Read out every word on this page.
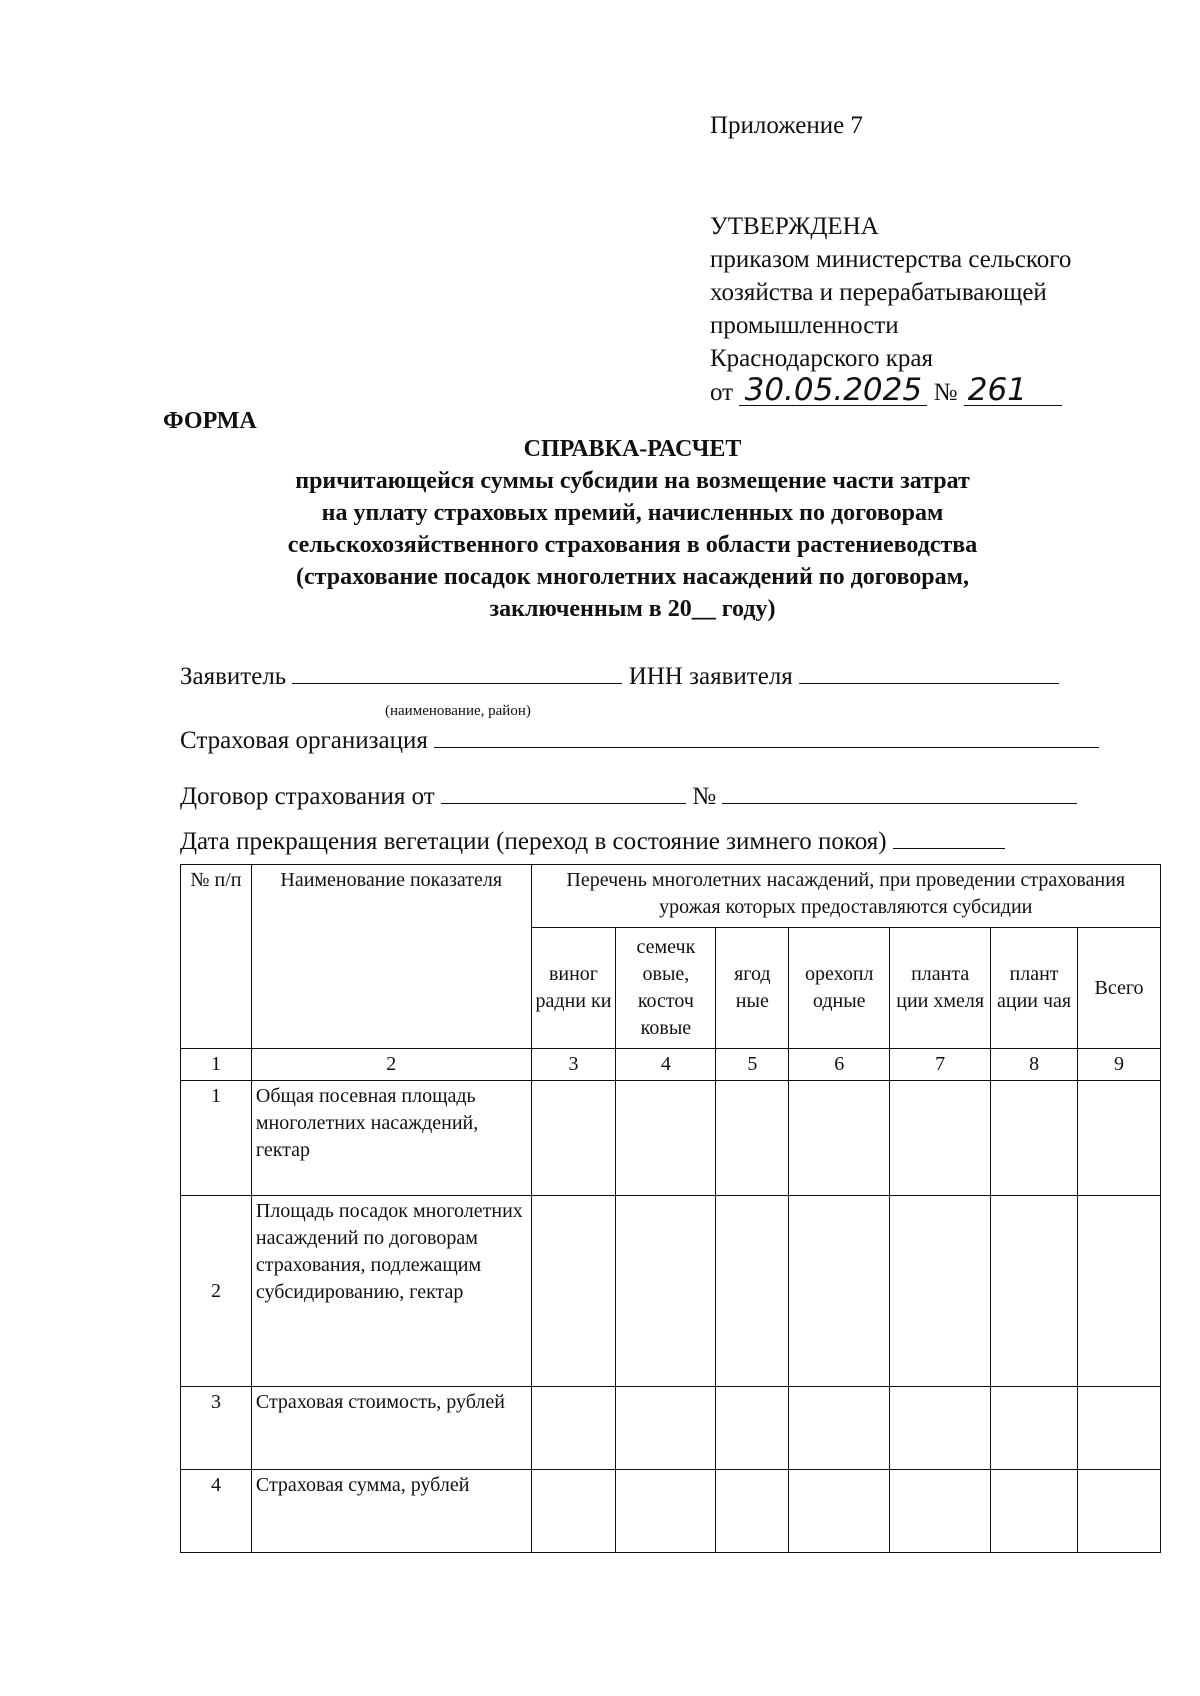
Приложение 7
УТВЕРЖДЕНА
приказом министерства сельского
хозяйства и перерабатывающей
промышленности
Краснодарского края
от 30.05.2025 № 261
ФОРМА
СПРАВКА-РАСЧЕТ
причитающейся суммы субсидии на возмещение части затрат
на уплату страховых премий, начисленных по договорам
сельскохозяйственного страхования в области растениеводства
(страхование посадок многолетних насаждений по договорам,
заключенным в 20__ году)
Заявитель	ИНН заявителя
(наименование, район)
Страховая организация
Договор страхования от	№
Дата прекращения вегетации (переход в состояние зимнего покоя)
№ п/п	Наименование показателя	Перечень многолетних насаждений, при проведении страхования урожая которых предоставляются субсидии						
		виног радни ки	семечк овые, косточ ковые	ягод ные	орехопл одные	планта ции хмеля	плант ации чая	Всего
1	2	3	4	5	6	7	8	9
1	Общая посевная площадь многолетних насаждений, гектар							
2	Площадь посадок многолетних насаждений по договорам страхования, подлежащим субсидированию, гектар							
3	Страховая стоимость, рублей							
4	Страховая сумма, рублей							
